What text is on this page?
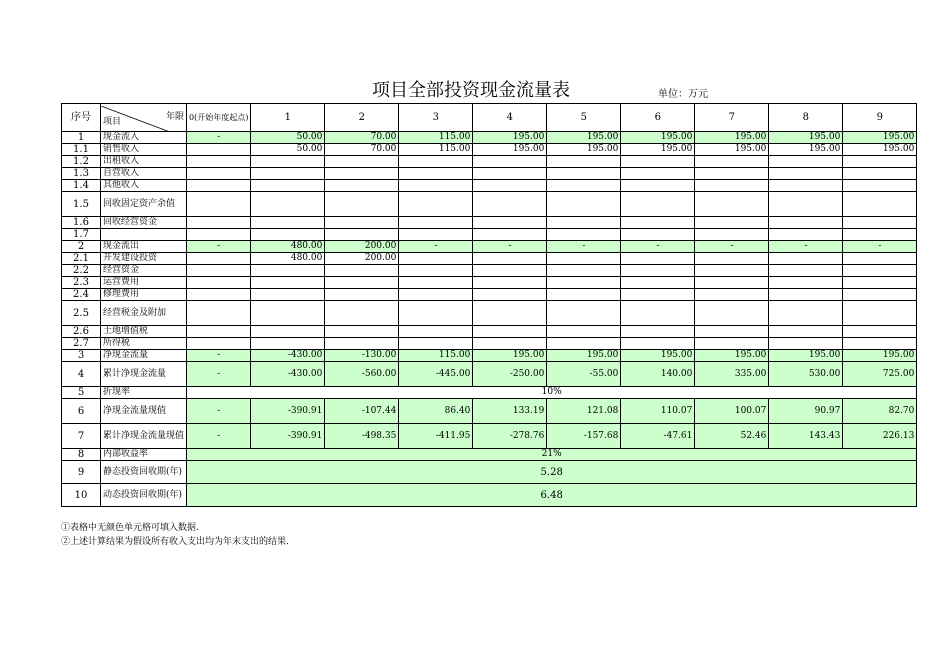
项目全部投资现金流量表	单位：万元
序号	项目 年限	0(开始年度起点)	1	2	3	4	5	6	7	8	9
1	现金流入	-	50.00	70.00	115.00	195.00	195.00	195.00	195.00	195.00	195.00
1.1	销售收入		50.00	70.00	115.00	195.00	195.00	195.00	195.00	195.00	195.00
1.2	出租收入										
1.3	自营收入										
1.4	其他收入										
1.5	回收固定资产余值										
1.6	回收经营资金										
1.7											
2	现金流出	-	480.00	200.00	-	-	-	-	-	-	-
2.1	开发建设投资		480.00	200.00							
2.2	经营资金										
2.3	运营费用										
2.4	修理费用										
2.5	经营税金及附加										
2.6	土地增值税										
2.7	所得税										
3	净现金流量	-	-430.00	-130.00	115.00	195.00	195.00	195.00	195.00	195.00	195.00
4	累计净现金流量	-	-430.00	-560.00	-445.00	-250.00	-55.00	140.00	335.00	530.00	725.00
5	折现率	10%									
6	净现金流量现值	-	-390.91	-107.44	86.40	133.19	121.08	110.07	100.07	90.97	82.70
7	累计净现金流量现值	-	-390.91	-498.35	-411.95	-278.76	-157.68	-47.61	52.46	143.43	226.13
8	内部收益率	21%									
9	静态投资回收期(年)	5.28									
10	动态投资回收期(年)	6.48									
①表格中无颜色单元格可填入数据.
②上述计算结果为假设所有收入支出均为年末支出的结果.
